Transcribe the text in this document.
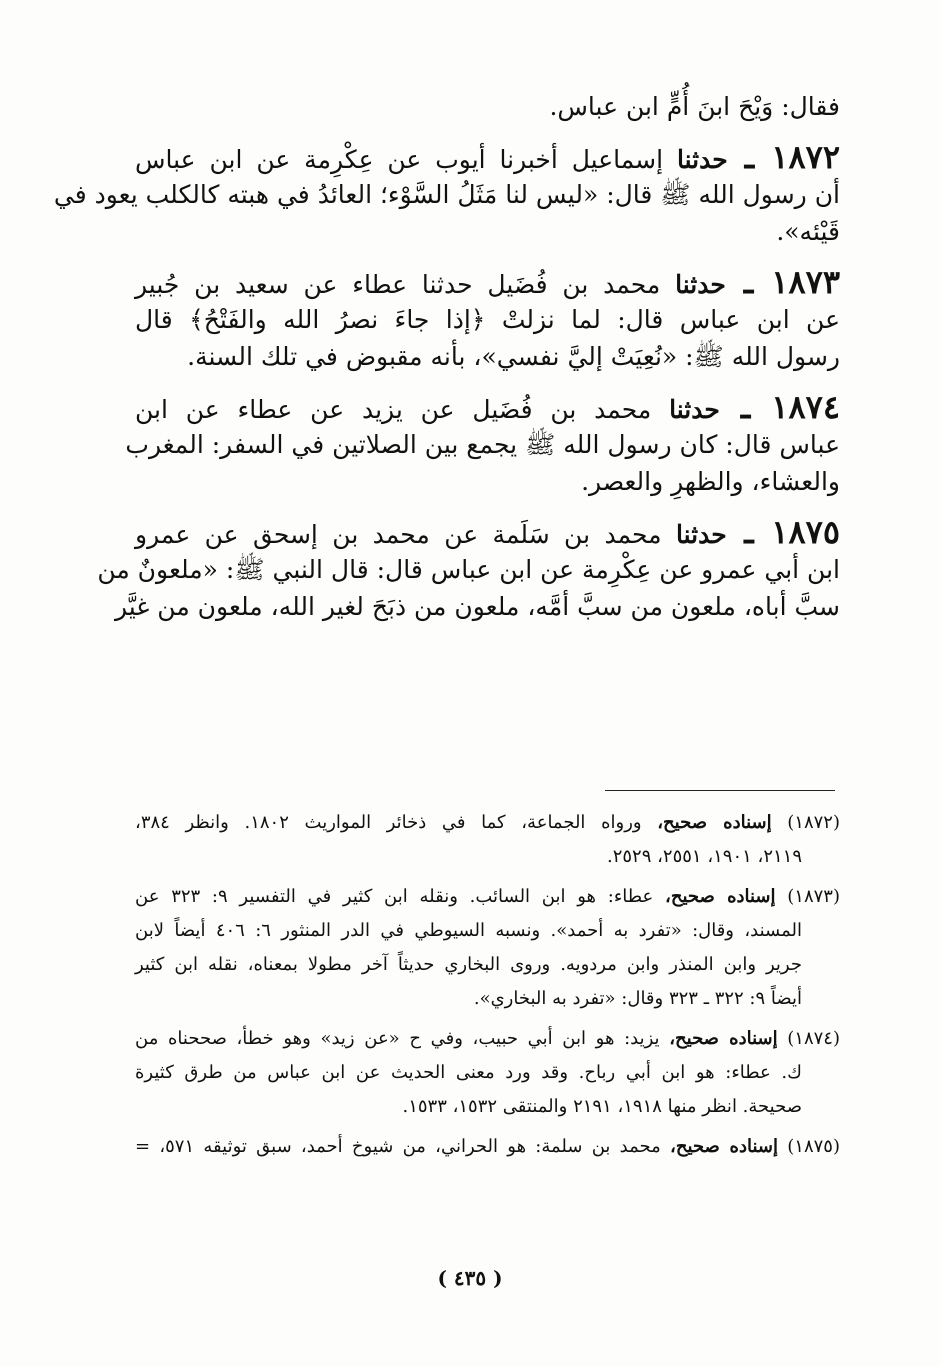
فقال: وَيْحَ ابنَ أُمٍّ ابن عباس.
١٨٧٢ ـ حدثنا إسماعيل أخبرنا أيوب عن عِكْرِمة عن ابن عباس
أن رسول الله ﷺ قال: «ليس لنا مَثَلُ السَّوْء؛ العائدُ في هبته كالكلب يعود في
قَيْئه».
١٨٧٣ ـ حدثنا محمد بن فُضَيل حدثنا عطاء عن سعيد بن جُبير
عن ابن عباس قال: لما نزلتْ ﴿إذا جاءَ نصرُ الله والفَتْحُ﴾ قال
رسول الله ﷺ: «نُعِيَتْ إليَّ نفسي»، بأنه مقبوض في تلك السنة.
١٨٧٤ ـ حدثنا محمد بن فُضَيل عن يزيد عن عطاء عن ابن
عباس قال: كان رسول الله ﷺ يجمع بين الصلاتين في السفر: المغرب
والعشاء، والظهرِ والعصر.
١٨٧٥ ـ حدثنا محمد بن سَلَمة عن محمد بن إسحق عن عمرو
ابن أبي عمرو عن عِكْرِمة عن ابن عباس قال: قال النبي ﷺ: «ملعونٌ من
سبَّ أباه، ملعون من سبَّ أمَّه، ملعون من ذبَحَ لغير الله، ملعون من غيَّر
(١٨٧٢) إسناده صحيح، ورواه الجماعة، كما في ذخائر المواريث ١٨٠٢. وانظر ٣٨٤،
٢١١٩، ١٩٠١، ٢٥٥١، ٢٥٢٩.
(١٨٧٣) إسناده صحيح، عطاء: هو ابن السائب. ونقله ابن كثير في التفسير ٩: ٣٢٣ عن
المسند، وقال: «تفرد به أحمد». ونسبه السيوطي في الدر المنثور ٦: ٤٠٦ أيضاً لابن
جرير وابن المنذر وابن مردويه. وروى البخاري حديثاً آخر مطولا بمعناه، نقله ابن كثير
أيضاً ٩: ٣٢٢ ـ ٣٢٣ وقال: «تفرد به البخاري».
(١٨٧٤) إسناده صحيح، يزيد: هو ابن أبي حبيب، وفي ح «عن زيد» وهو خطأ، صححناه من
ك. عطاء: هو ابن أبي رباح. وقد ورد معنى الحديث عن ابن عباس من طرق كثيرة
صحيحة. انظر منها ١٩١٨، ٢١٩١ والمنتقى ١٥٣٢، ١٥٣٣.
(١٨٧٥) إسناده صحيح، محمد بن سلمة: هو الحراني، من شيوخ أحمد، سبق توثيقه ٥٧١، =
( ٤٣٥ )
